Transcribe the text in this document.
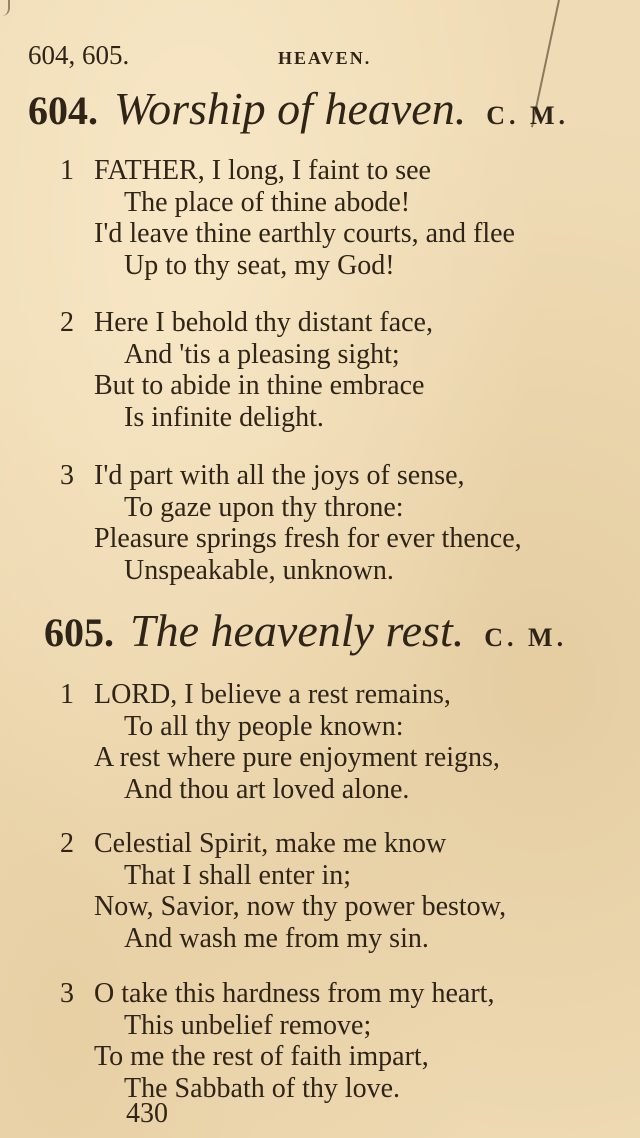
604, 605.	HEAVEN.
604. Worship of heaven. C. M.
1 FATHER, I long, I faint to see
The place of thine abode!
I'd leave thine earthly courts, and flee
Up to thy seat, my God!
2 Here I behold thy distant face,
And 'tis a pleasing sight;
But to abide in thine embrace
Is infinite delight.
3 I'd part with all the joys of sense,
To gaze upon thy throne:
Pleasure springs fresh for ever thence,
Unspeakable, unknown.
605. The heavenly rest. C. M.
1 LORD, I believe a rest remains,
To all thy people known:
A rest where pure enjoyment reigns,
And thou art loved alone.
2 Celestial Spirit, make me know
That I shall enter in;
Now, Savior, now thy power bestow,
And wash me from my sin.
3 O take this hardness from my heart,
This unbelief remove;
To me the rest of faith impart,
The Sabbath of thy love.
430
